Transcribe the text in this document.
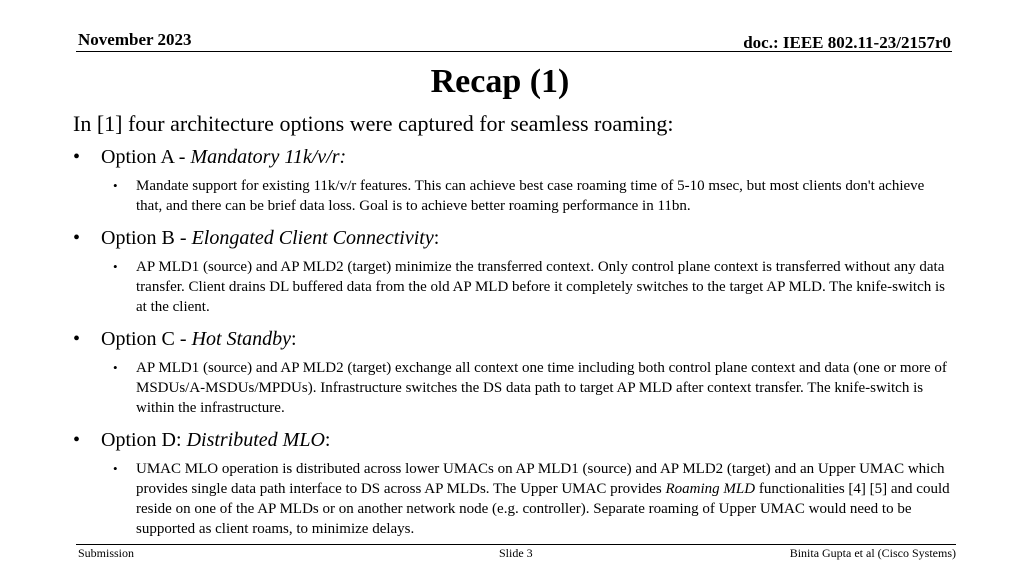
November 2023	doc.: IEEE 802.11-23/2157r0
Recap (1)
In [1] four architecture options were captured for seamless roaming:
• Option A - Mandatory 11k/v/r:
• Mandate support for existing 11k/v/r features. This can achieve best case roaming time of 5-10 msec, but most clients don't achieve that, and there can be brief data loss. Goal is to achieve better roaming performance in 11bn.
• Option B - Elongated Client Connectivity:
• AP MLD1 (source) and AP MLD2 (target) minimize the transferred context. Only control plane context is transferred without any data transfer. Client drains DL buffered data from the old AP MLD before it completely switches to the target AP MLD. The knife-switch is at the client.
• Option C - Hot Standby:
• AP MLD1 (source) and AP MLD2 (target) exchange all context one time including both control plane context and data (one or more of MSDUs/A-MSDUs/MPDUs). Infrastructure switches the DS data path to target AP MLD after context transfer. The knife-switch is within the infrastructure.
• Option D: Distributed MLO:
• UMAC MLO operation is distributed across lower UMACs on AP MLD1 (source) and AP MLD2 (target) and an Upper UMAC which provides single data path interface to DS across AP MLDs. The Upper UMAC provides Roaming MLD functionalities [4] [5] and could reside on one of the AP MLDs or on another network node (e.g. controller). Separate roaming of Upper UMAC would need to be supported as client roams, to minimize delays.
Submission	Slide 3	Binita Gupta et al (Cisco Systems)
